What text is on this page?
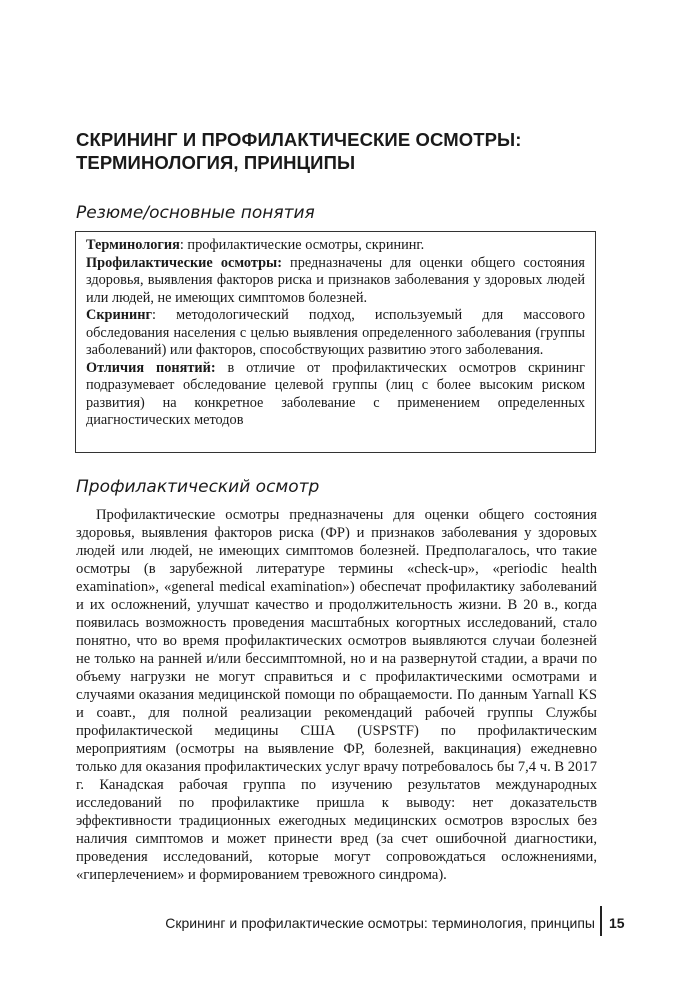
СКРИНИНГ И ПРОФИЛАКТИЧЕСКИЕ ОСМОТРЫ:
ТЕРМИНОЛОГИЯ, ПРИНЦИПЫ
Резюме/основные понятия

Терминология: профилактические осмотры, скрининг.

Профилактические осмотры: предназначены для оценки общего состояния здоровья, выявления факторов риска и признаков заболевания у здоровых людей или людей, не имеющих симптомов болезней.

Скрининг: методологический подход, используемый для массового обследования населения с целью выявления определенного заболевания (группы заболеваний) или факторов, способствующих развитию этого заболевания.

Отличия понятий: в отличие от профилактических осмотров скрининг подразумевает обследование целевой группы (лиц с более высоким риском развития) на конкретное заболевание с применением определенных диагностических методов

Профилактический осмотр

Профилактические осмотры предназначены для оценки общего состояния здоровья, выявления факторов риска (ФР) и признаков заболевания у здоровых людей или людей, не имеющих симптомов болезней. Предполагалось, что такие осмотры (в зарубежной литературе термины «check-up», «periodic health examination», «general medical examination») обеспечат профилактику заболеваний и их осложнений, улучшат качество и продолжительность жизни. В 20 в., когда появилась возможность проведения масштабных когортных исследований, стало понятно, что во время профилактических осмотров выявляются случаи болезней не только на ранней и/или бессимптомной, но и на развернутой стадии, а врачи по объему нагрузки не могут справиться и с профилактическими осмотрами и случаями оказания медицинской помощи по обращаемости. По данным Yarnall KS и соавт., для полной реализации рекомендаций рабочей группы Службы профилактической медицины США (USPSTF) по профилактическим мероприятиям (осмотры на выявление ФР, болезней, вакцинация) ежедневно только для оказания профилактических услуг врачу потребовалось бы 7,4 ч. В 2017 г. Канадская рабочая группа по изучению результатов международных исследований по профилактике пришла к выводу: нет доказательств эффективности традиционных ежегодных медицинских осмотров взрослых без наличия симптомов и может принести вред (за счет ошибочной диагностики, проведения исследований, которые могут сопровождаться осложнениями, «гиперлечением» и формированием тревожного синдрома).

Скрининг и профилактические осмотры: терминология, принципы 15
